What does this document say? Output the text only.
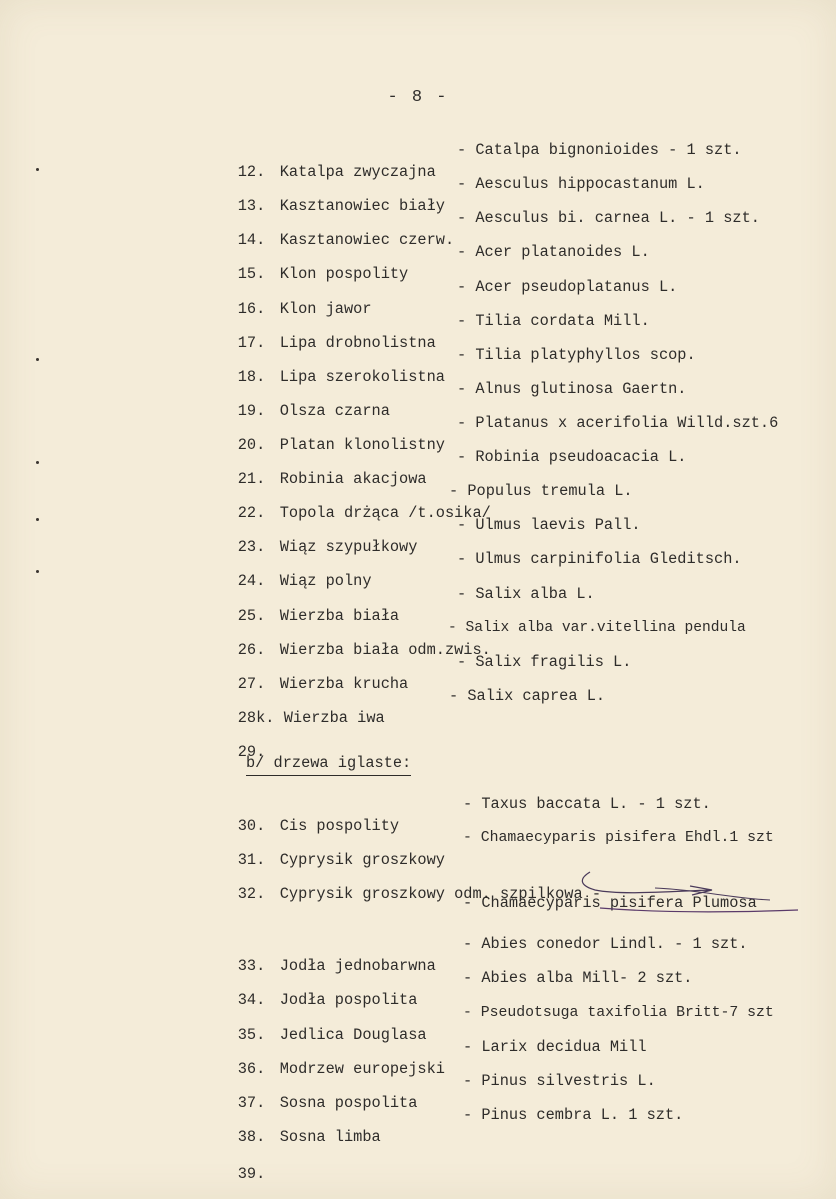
- 8 -

12. Katalpa zwyczajna
- Catalpa bignonioides - 1 szt.

13. Kasztanowiec biały
- Aesculus hippocastanum L.

14. Kasztanowiec czerw.
- Aesculus bi. carnea L. - 1 szt.

15. Klon pospolity
- Acer platanoides L.

16. Klon jawor
- Acer pseudoplatanus L.

17. Lipa drobnolistna
- Tilia cordata Mill.

18. Lipa szerokolistna
- Tilia platyphyllos scop.

19. Olsza czarna
- Alnus glutinosa Gaertn.

20. Platan klonolistny
- Platanus x acerifolia Willd.szt.6

21. Robinia akacjowa
- Robinia pseudoacacia L.

22. Topola drżąca /t.osika/
- Populus tremula L.

23. Wiąz szypułkowy
- Ulmus laevis Pall.

24. Wiąz polny
- Ulmus carpinifolia Gleditsch.

25. Wierzba biała
- Salix alba L.

26. Wierzba biała odm.zwis.
- Salix alba var.vitellina pendula

27. Wierzba krucha
- Salix fragilis L.

28k. Wierzba iwa
- Salix caprea L.

29.

b/ drzewa iglaste:

30. Cis pospolity
- Taxus baccata L. - 1 szt.

31. Cyprysik groszkowy
- Chamaecyparis pisifera Ehdl.1 szt

32. Cyprysik groszkowy odm. szpilkowa -

- Chamaecyparis pisifera Plumosa

33. Jodła jednobarwna
- Abies conedor Lindl. - 1 szt.

34. Jodła pospolita
- Abies alba Mill- 2 szt.

35. Jedlica Douglasa
- Pseudotsuga taxifolia Britt-7 szt

36. Modrzew europejski
- Larix decidua Mill

37. Sosna pospolita
- Pinus silvestris L.

38. Sosna limba
- Pinus cembra L. 1 szt.

39.
